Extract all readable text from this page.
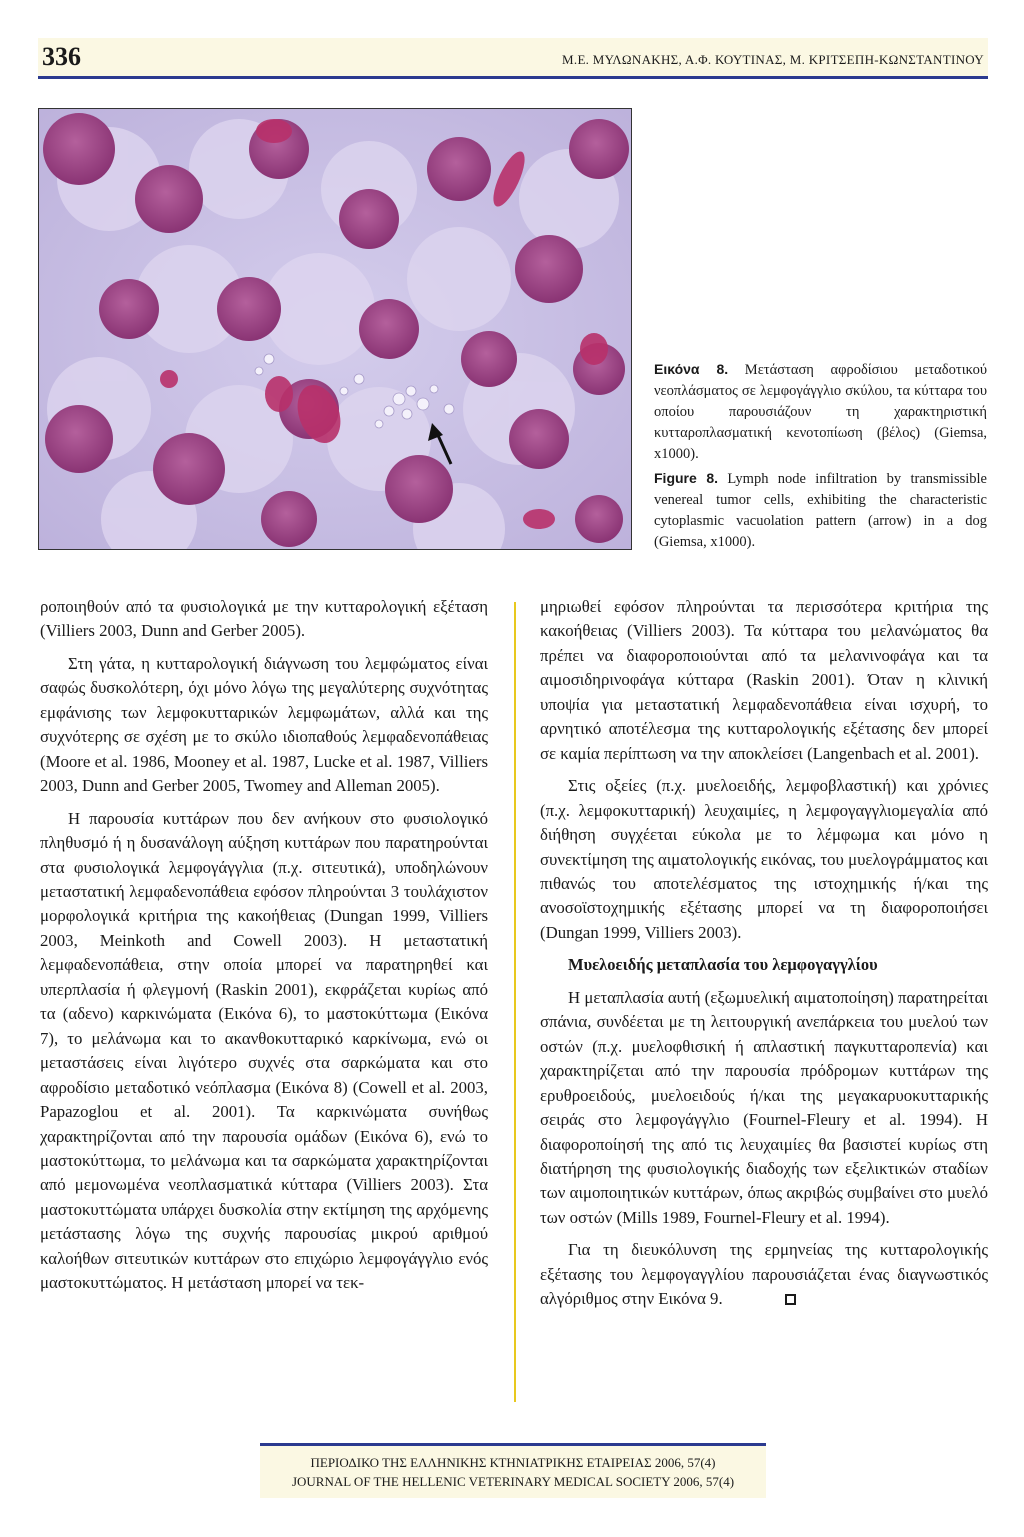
336	Μ.Ε. ΜΥΛΩΝΑΚΗΣ, Α.Φ. ΚΟΥΤΙΝΑΣ, Μ. ΚΡΙΤΣΕΠΗ-ΚΩΝΣΤΑΝΤΙΝΟΥ

Εικόνα 8. Μετάσταση αφροδίσιου μεταδοτικού νεοπλάσματος σε λεμφογάγγλιο σκύλου, τα κύτταρα του οποίου παρουσιάζουν τη χαρακτηριστική κυτταροπλασματική κενοτοπίωση (βέλος) (Giemsa, x1000).

Figure 8. Lymph node infiltration by transmissible venereal tumor cells, exhibiting the characteristic cytoplasmic vacuolation pattern (arrow) in a dog (Giemsa, x1000).

ροποιηθούν από τα φυσιολογικά με την κυτταρολογική εξέταση (Villiers 2003, Dunn and Gerber 2005).

Στη γάτα, η κυτταρολογική διάγνωση του λεμφώματος είναι σαφώς δυσκολότερη, όχι μόνο λόγω της μεγαλύτερης συχνότητας εμφάνισης των λεμφοκυτταρικών λεμφωμάτων, αλλά και της συχνότερης σε σχέση με το σκύλο ιδιοπαθούς λεμφαδενοπάθειας (Moore et al. 1986, Mooney et al. 1987, Lucke et al. 1987, Villiers 2003, Dunn and Gerber 2005, Twomey and Alleman 2005).

Η παρουσία κυττάρων που δεν ανήκουν στο φυσιολογικό πληθυσμό ή η δυσανάλογη αύξηση κυττάρων που παρατηρούνται στα φυσιολογικά λεμφογάγγλια (π.χ. σιτευτικά), υποδηλώνουν μεταστατική λεμφαδενοπάθεια εφόσον πληρούνται 3 τουλάχιστον μορφολογικά κριτήρια της κακοήθειας (Dungan 1999, Villiers 2003, Meinkoth and Cowell 2003). Η μεταστατική λεμφαδενοπάθεια, στην οποία μπορεί να παρατηρηθεί και υπερπλασία ή φλεγμονή (Raskin 2001), εκφράζεται κυρίως από τα (αδενο) καρκινώματα (Εικόνα 6), το μαστοκύττωμα (Εικόνα 7), το μελάνωμα και το ακανθοκυτταρικό καρκίνωμα, ενώ οι μεταστάσεις είναι λιγότερο συχνές στα σαρκώματα και στο αφροδίσιο μεταδοτικό νεόπλασμα (Εικόνα 8) (Cowell et al. 2003, Papazoglou et al. 2001). Τα καρκινώματα συνήθως χαρακτηρίζονται από την παρουσία ομάδων (Εικόνα 6), ενώ το μαστοκύττωμα, το μελάνωμα και τα σαρκώματα χαρακτηρίζονται από μεμονωμένα νεοπλασματικά κύτταρα (Villiers 2003). Στα μαστοκυττώματα υπάρχει δυσκολία στην εκτίμηση της αρχόμενης μετάστασης λόγω της συχνής παρουσίας μικρού αριθμού καλοήθων σιτευτικών κυττάρων στο επιχώριο λεμφογάγγλιο ενός μαστοκυττώματος. Η μετάσταση μπορεί να τεκ-

μηριωθεί εφόσον πληρούνται τα περισσότερα κριτήρια της κακοήθειας (Villiers 2003). Τα κύτταρα του μελανώματος θα πρέπει να διαφοροποιούνται από τα μελανινοφάγα και τα αιμοσιδηρινοφάγα κύτταρα (Raskin 2001). Όταν η κλινική υποψία για μεταστατική λεμφαδενοπάθεια είναι ισχυρή, το αρνητικό αποτέλεσμα της κυτταρολογικής εξέτασης δεν μπορεί σε καμία περίπτωση να την αποκλείσει (Langenbach et al. 2001).

Στις οξείες (π.χ. μυελοειδής, λεμφοβλαστική) και χρόνιες (π.χ. λεμφοκυτταρική) λευχαιμίες, η λεμφογαγγλιομεγαλία από διήθηση συγχέεται εύκολα με το λέμφωμα και μόνο η συνεκτίμηση της αιματολογικής εικόνας, του μυελογράμματος και πιθανώς του αποτελέσματος της ιστοχημικής ή/και της ανοσοϊστοχημικής εξέτασης μπορεί να τη διαφοροποιήσει (Dungan 1999, Villiers 2003).

Μυελοειδής μεταπλασία του λεμφογαγγλίου

Η μεταπλασία αυτή (εξωμυελική αιματοποίηση) παρατηρείται σπάνια, συνδέεται με τη λειτουργική ανεπάρκεια του μυελού των οστών (π.χ. μυελοφθισική ή απλαστική παγκυτταροπενία) και χαρακτηρίζεται από την παρουσία πρόδρομων κυττάρων της ερυθροειδούς, μυελοειδούς ή/και της μεγακαρυοκυτταρικής σειράς στο λεμφογάγγλιο (Fournel-Fleury et al. 1994). Η διαφοροποίησή της από τις λευχαιμίες θα βασιστεί κυρίως στη διατήρηση της φυσιολογικής διαδοχής των εξελικτικών σταδίων των αιμοποιητικών κυττάρων, όπως ακριβώς συμβαίνει στο μυελό των οστών (Mills 1989, Fournel-Fleury et al. 1994).

Για τη διευκόλυνση της ερμηνείας της κυτταρολογικής εξέτασης του λεμφογαγγλίου παρουσιάζεται ένας διαγνωστικός αλγόριθμος στην Εικόνα 9.

ΠΕΡΙΟΔΙΚΟ ΤΗΣ ΕΛΛΗΝΙΚΗΣ ΚΤΗΝΙΑΤΡΙΚΗΣ ΕΤΑΙΡΕΙΑΣ 2006, 57(4)
JOURNAL OF THE HELLENIC VETERINARY MEDICAL SOCIETY 2006, 57(4)
